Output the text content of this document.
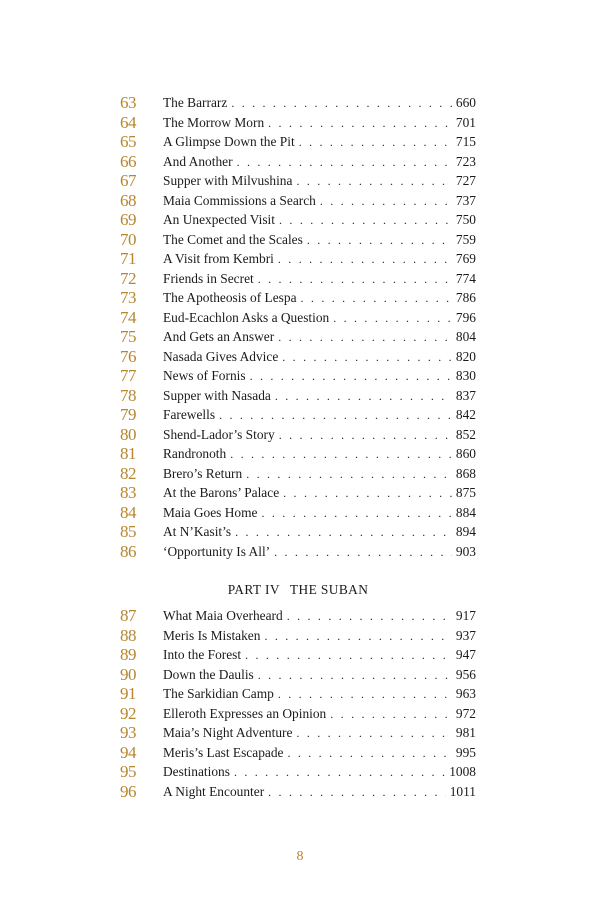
63	The Barrarz . . .	660
64	The Morrow Morn . . .	701
65	A Glimpse Down the Pit . . .	715
66	And Another . . .	723
67	Supper with Milvushina . . .	727
68	Maia Commissions a Search . . .	737
69	An Unexpected Visit . . .	750
70	The Comet and the Scales . . .	759
71	A Visit from Kembri . . .	769
72	Friends in Secret . . .	774
73	The Apotheosis of Lespa . . .	786
74	Eud-Ecachlon Asks a Question . . .	796
75	And Gets an Answer . . .	804
76	Nasada Gives Advice . . .	820
77	News of Fornis . . .	830
78	Supper with Nasada . . .	837
79	Farewells . . .	842
80	Shend-Lador’s Story . . .	852
81	Randronoth . . .	860
82	Brero’s Return . . .	868
83	At the Barons’ Palace . . .	875
84	Maia Goes Home . . .	884
85	At N’Kasit’s . . .	894
86	‘Opportunity Is All’ . . .	903
PART IV THE SUBAN
87	What Maia Overheard . . .	917
88	Meris Is Mistaken . . .	937
89	Into the Forest . . .	947
90	Down the Daulis . . .	956
91	The Sarkidian Camp . . .	963
92	Elleroth Expresses an Opinion . . .	972
93	Maia’s Night Adventure . . .	981
94	Meris’s Last Escapade . . .	995
95	Destinations . . .	1008
96	A Night Encounter . . .	1011
8
